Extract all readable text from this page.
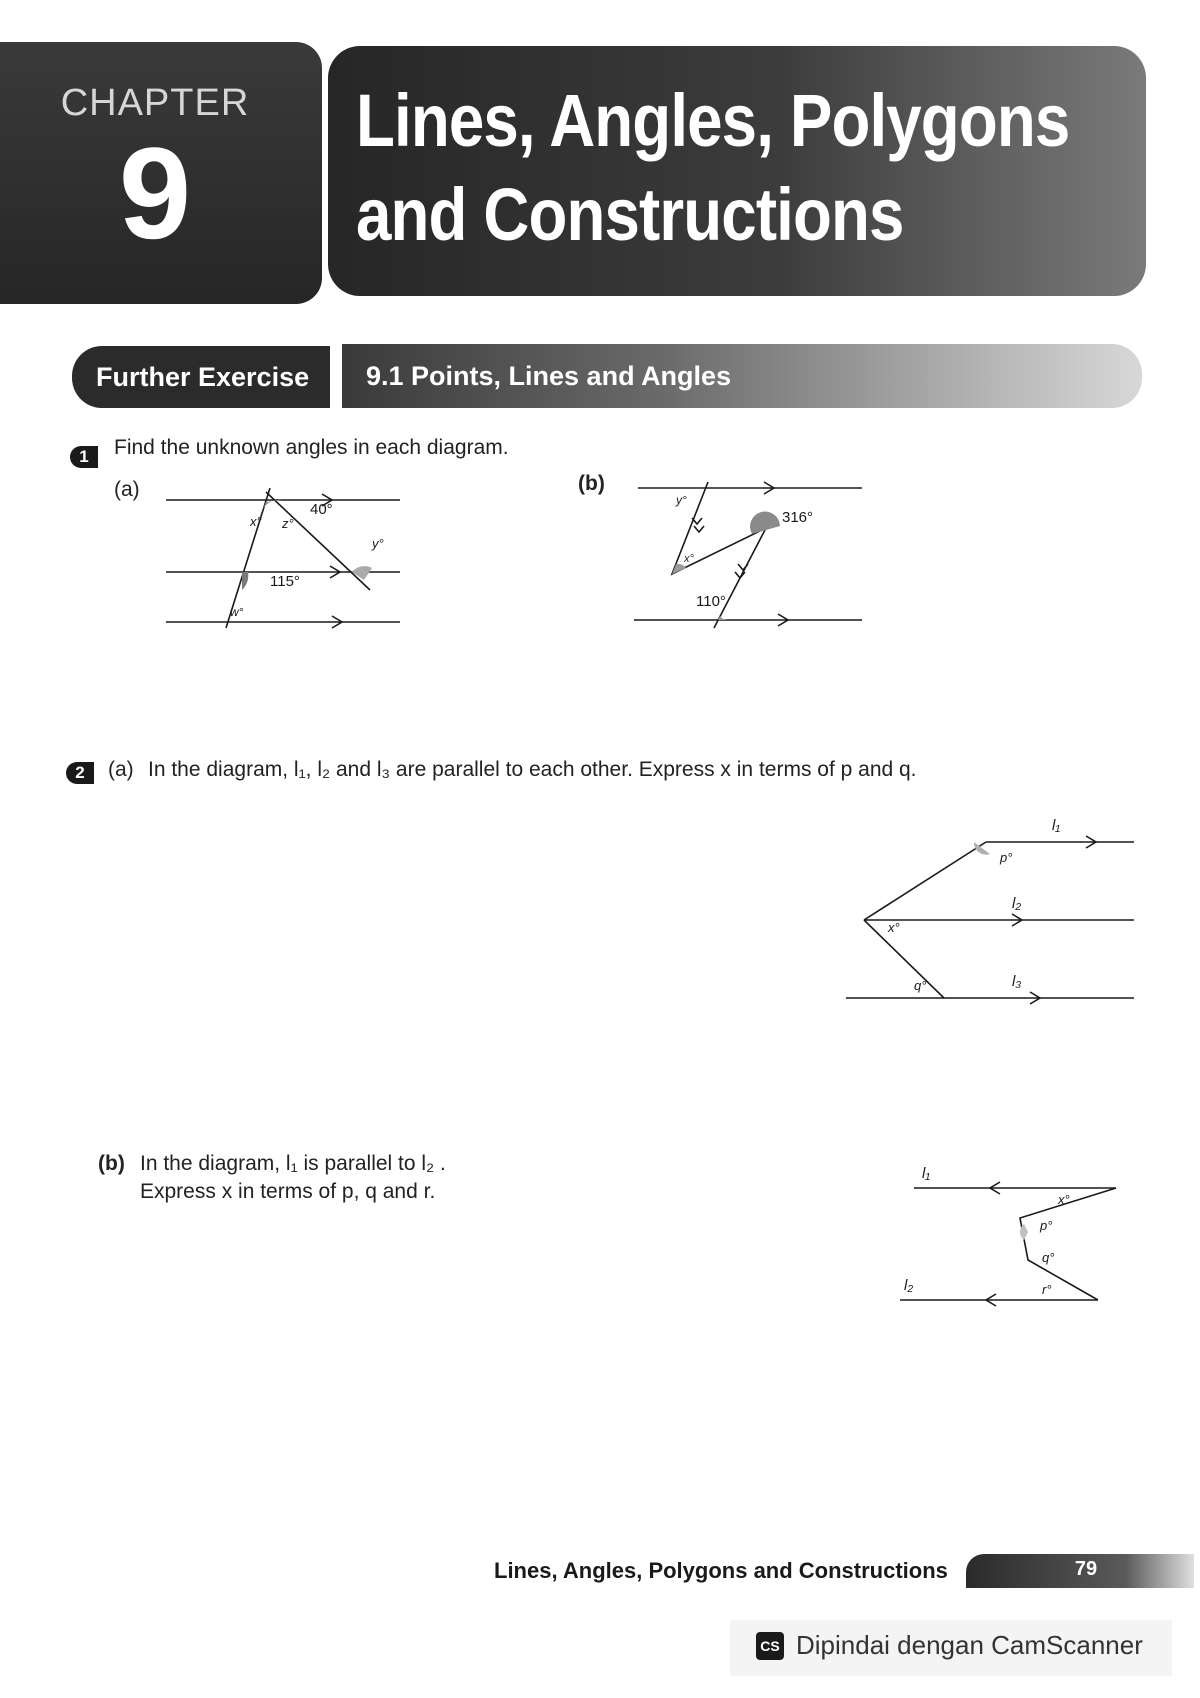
CHAPTER
9	Lines, Angles, Polygons
and Constructions
Further Exercise	9.1 Points, Lines and Angles
1	Find the unknown angles in each diagram.
(a)	(b)
40°
x° z°
y°
115°
w°
y°
x°
316°
110°
2	(a) In the diagram, l₁, l₂ and l₃ are parallel to each other. Express x in terms of p and q.
l₁
p°
l₂
x°
l₃
q°
(b) In the diagram, l₁ is parallel to l₂ .
Express x in terms of p, q and r.
l₁
x°
p°
q°
l₂	r°
Lines, Angles, Polygons and Constructions	79
CS Dipindai dengan CamScanner
